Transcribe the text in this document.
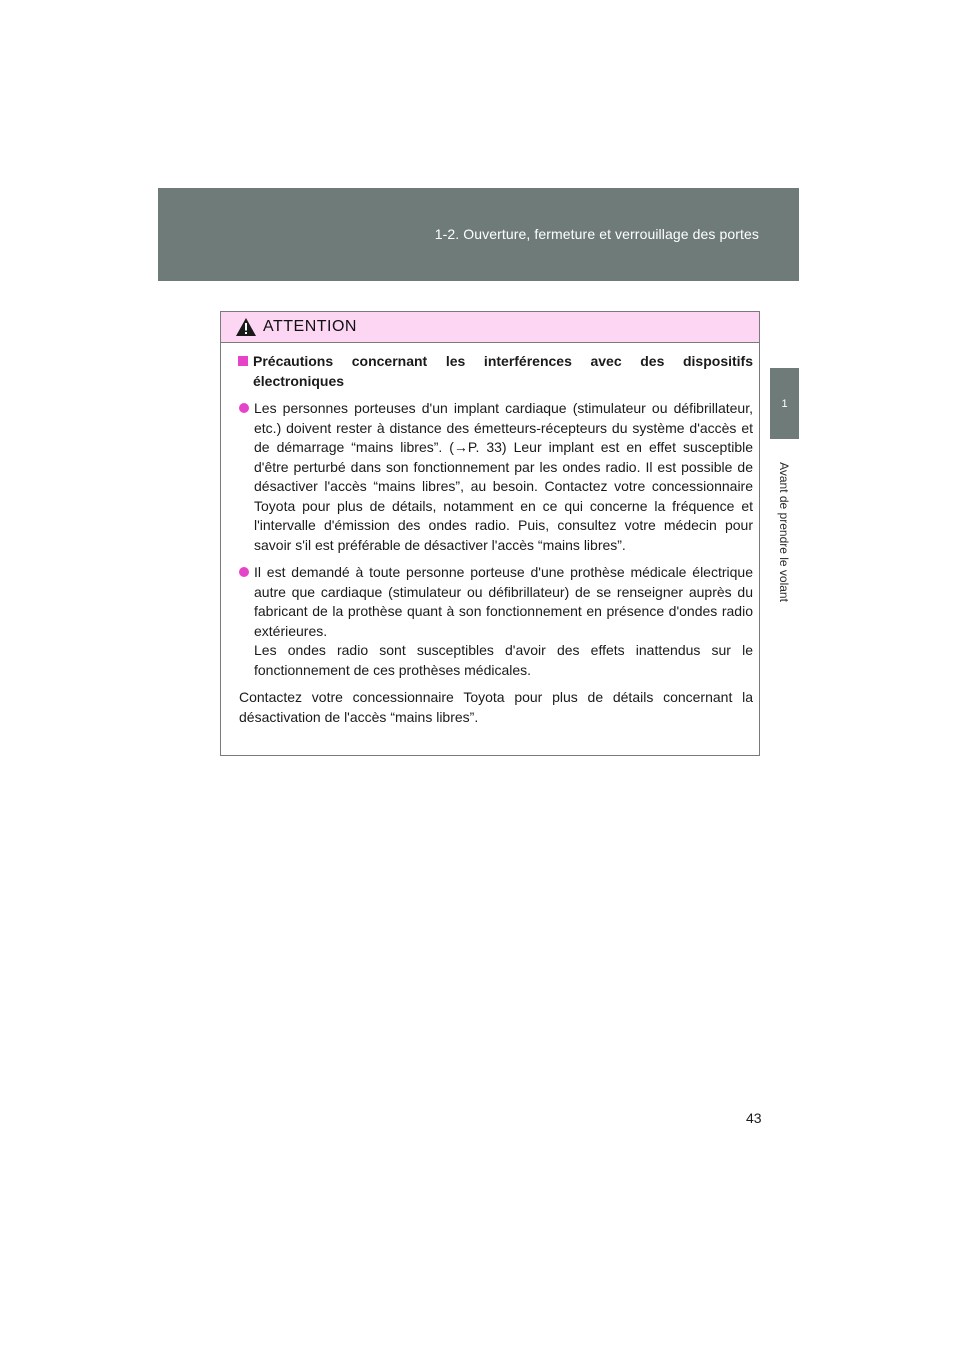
1-2. Ouverture, fermeture et verrouillage des portes
1
Avant de prendre le volant
ATTENTION
Précautions concernant les interférences avec des dispositifs électroniques
Les personnes porteuses d'un implant cardiaque (stimulateur ou défibrillateur, etc.) doivent rester à distance des émetteurs-récepteurs du système d'accès et de démarrage “mains libres”. (→P. 33) Leur implant est en effet susceptible d'être perturbé dans son fonctionnement par les ondes radio. Il est possible de désactiver l'accès “mains libres”, au besoin. Contactez votre concessionnaire Toyota pour plus de détails, notamment en ce qui concerne la fréquence et l'intervalle d'émission des ondes radio. Puis, consultez votre médecin pour savoir s'il est préférable de désactiver l'accès “mains libres”.
Il est demandé à toute personne porteuse d'une prothèse médicale électrique autre que cardiaque (stimulateur ou défibrillateur) de se renseigner auprès du fabricant de la prothèse quant à son fonctionnement en présence d'ondes radio extérieures.
Les ondes radio sont susceptibles d'avoir des effets inattendus sur le fonctionnement de ces prothèses médicales.
Contactez votre concessionnaire Toyota pour plus de détails concernant la désactivation de l'accès “mains libres”.
43
